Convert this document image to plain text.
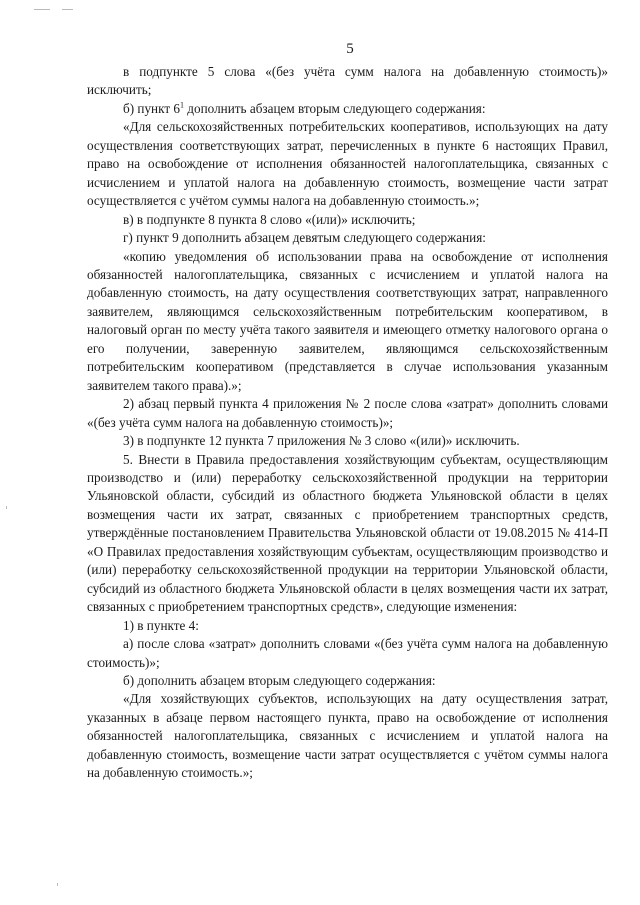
5

в подпункте 5 слова «(без учёта сумм налога на добавленную стоимость)» исключить;

б) пункт $6^1$ дополнить абзацем вторым следующего содержания:

«Для сельскохозяйственных потребительских кооперативов, использующих на дату осуществления соответствующих затрат, перечисленных в пункте 6 настоящих Правил, право на освобождение от исполнения обязанностей налогоплательщика, связанных с исчислением и уплатой налога на добавленную стоимость, возмещение части затрат осуществляется с учётом суммы налога на добавленную стоимость.»;

в) в подпункте 8 пункта 8 слово «(или)» исключить;

г) пункт 9 дополнить абзацем девятым следующего содержания:

«копию уведомления об использовании права на освобождение от исполнения обязанностей налогоплательщика, связанных с исчислением и уплатой налога на добавленную стоимость, на дату осуществления соответствующих затрат, направленного заявителем, являющимся сельскохозяйственным потребительским кооперативом, в налоговый орган по месту учёта такого заявителя и имеющего отметку налогового органа о его получении, заверенную заявителем, являющимся сельскохозяйственным потребительским кооперативом (представляется в случае использования указанным заявителем такого права).»;

2) абзац первый пункта 4 приложения № 2 после слова «затрат» дополнить словами «(без учёта сумм налога на добавленную стоимость)»;

3) в подпункте 12 пункта 7 приложения № 3 слово «(или)» исключить.

5. Внести в Правила предоставления хозяйствующим субъектам, осуществляющим производство и (или) переработку сельскохозяйственной продукции на территории Ульяновской области, субсидий из областного бюджета Ульяновской области в целях возмещения части их затрат, связанных с приобретением транспортных средств, утверждённые постановлением Правительства Ульяновской области от 19.08.2015 № 414-П «О Правилах предоставления хозяйствующим субъектам, осуществляющим производство и (или) переработку сельскохозяйственной продукции на территории Ульяновской области, субсидий из областного бюджета Ульяновской области в целях возмещения части их затрат, связанных с приобретением транспортных средств», следующие изменения:

1) в пункте 4:

а) после слова «затрат» дополнить словами «(без учёта сумм налога на добавленную стоимость)»;

б) дополнить абзацем вторым следующего содержания:

«Для хозяйствующих субъектов, использующих на дату осуществления затрат, указанных в абзаце первом настоящего пункта, право на освобождение от исполнения обязанностей налогоплательщика, связанных с исчислением и уплатой налога на добавленную стоимость, возмещение части затрат осуществляется с учётом суммы налога на добавленную стоимость.»;
